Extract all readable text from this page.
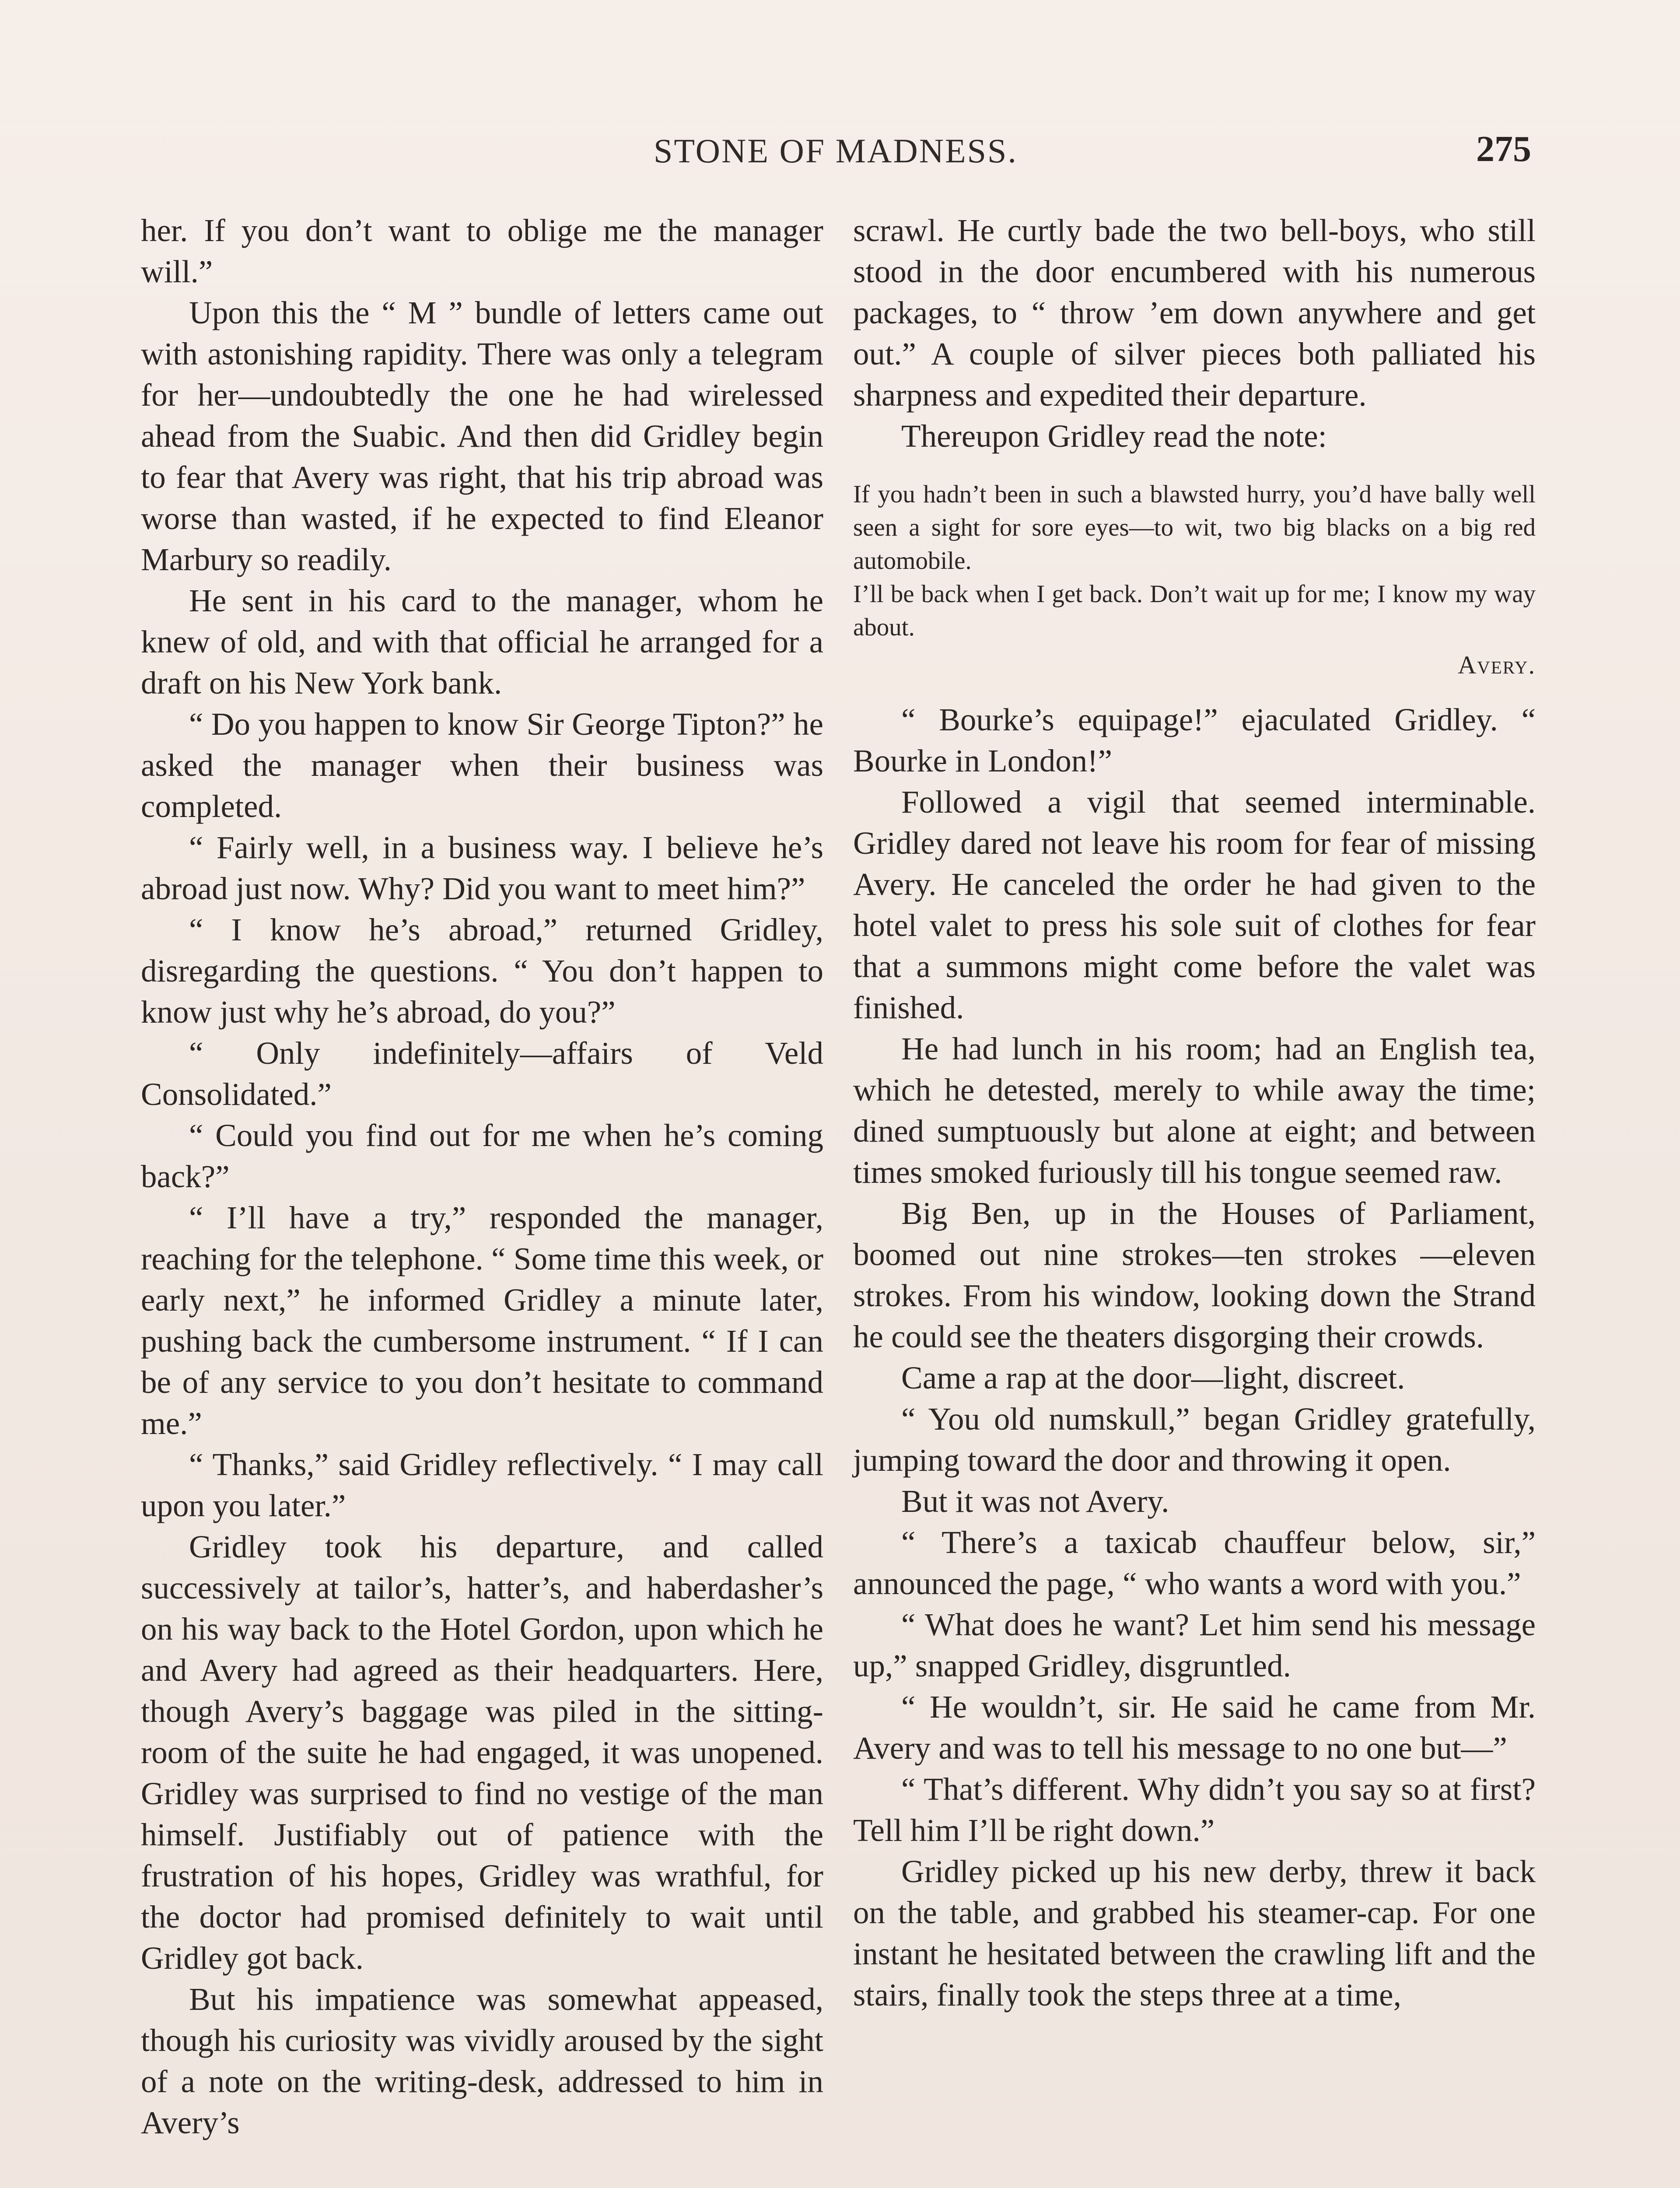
STONE OF MADNESS.	275

her. If you don’t want to oblige me the manager will.”

Upon this the “ M ” bundle of letters came out with astonishing rapidity. There was only a telegram for her—undoubtedly the one he had wirelessed ahead from the Suabic. And then did Gridley begin to fear that Avery was right, that his trip abroad was worse than wasted, if he expected to find Eleanor Marbury so readily.

He sent in his card to the manager, whom he knew of old, and with that official he arranged for a draft on his New York bank.

“ Do you happen to know Sir George Tipton?” he asked the manager when their business was completed.

“ Fairly well, in a business way. I believe he’s abroad just now. Why? Did you want to meet him?”

“ I know he’s abroad,” returned Gridley, disregarding the questions. “ You don’t happen to know just why he’s abroad, do you?”

“ Only indefinitely—affairs of Veld Consolidated.”

“ Could you find out for me when he’s coming back?”

“ I’ll have a try,” responded the manager, reaching for the telephone. “ Some time this week, or early next,” he informed Gridley a minute later, pushing back the cumbersome instrument. “ If I can be of any service to you don’t hesitate to command me.”

“ Thanks,” said Gridley reflectively. “ I may call upon you later.”

Gridley took his departure, and called successively at tailor’s, hatter’s, and haberdasher’s on his way back to the Hotel Gordon, upon which he and Avery had agreed as their headquarters. Here, though Avery’s baggage was piled in the sitting-room of the suite he had engaged, it was unopened. Gridley was surprised to find no vestige of the man himself. Justifiably out of patience with the frustration of his hopes, Gridley was wrathful, for the doctor had promised definitely to wait until Gridley got back.

But his impatience was somewhat appeased, though his curiosity was vividly aroused by the sight of a note on the writing-desk, addressed to him in Avery’s

scrawl. He curtly bade the two bell-boys, who still stood in the door encumbered with his numerous packages, to “ throw ’em down anywhere and get out.” A couple of silver pieces both palliated his sharpness and expedited their departure.

Thereupon Gridley read the note:

If you hadn’t been in such a blawsted hurry, you’d have bally well seen a sight for sore eyes—to wit, two big blacks on a big red automobile.

I’ll be back when I get back. Don’t wait up for me; I know my way about.

Avery.

“ Bourke’s equipage!” ejaculated Gridley. “ Bourke in London!”

Followed a vigil that seemed interminable. Gridley dared not leave his room for fear of missing Avery. He canceled the order he had given to the hotel valet to press his sole suit of clothes for fear that a summons might come before the valet was finished.

He had lunch in his room; had an English tea, which he detested, merely to while away the time; dined sumptuously but alone at eight; and between times smoked furiously till his tongue seemed raw.

Big Ben, up in the Houses of Parliament, boomed out nine strokes—ten strokes —eleven strokes. From his window, looking down the Strand he could see the theaters disgorging their crowds.

Came a rap at the door—light, discreet.

“ You old numskull,” began Gridley gratefully, jumping toward the door and throwing it open.

But it was not Avery.

“ There’s a taxicab chauffeur below, sir,” announced the page, “ who wants a word with you.”

“ What does he want? Let him send his message up,” snapped Gridley, disgruntled.

“ He wouldn’t, sir. He said he came from Mr. Avery and was to tell his message to no one but—”

“ That’s different. Why didn’t you say so at first? Tell him I’ll be right down.”

Gridley picked up his new derby, threw it back on the table, and grabbed his steamer-cap. For one instant he hesitated between the crawling lift and the stairs, finally took the steps three at a time,
